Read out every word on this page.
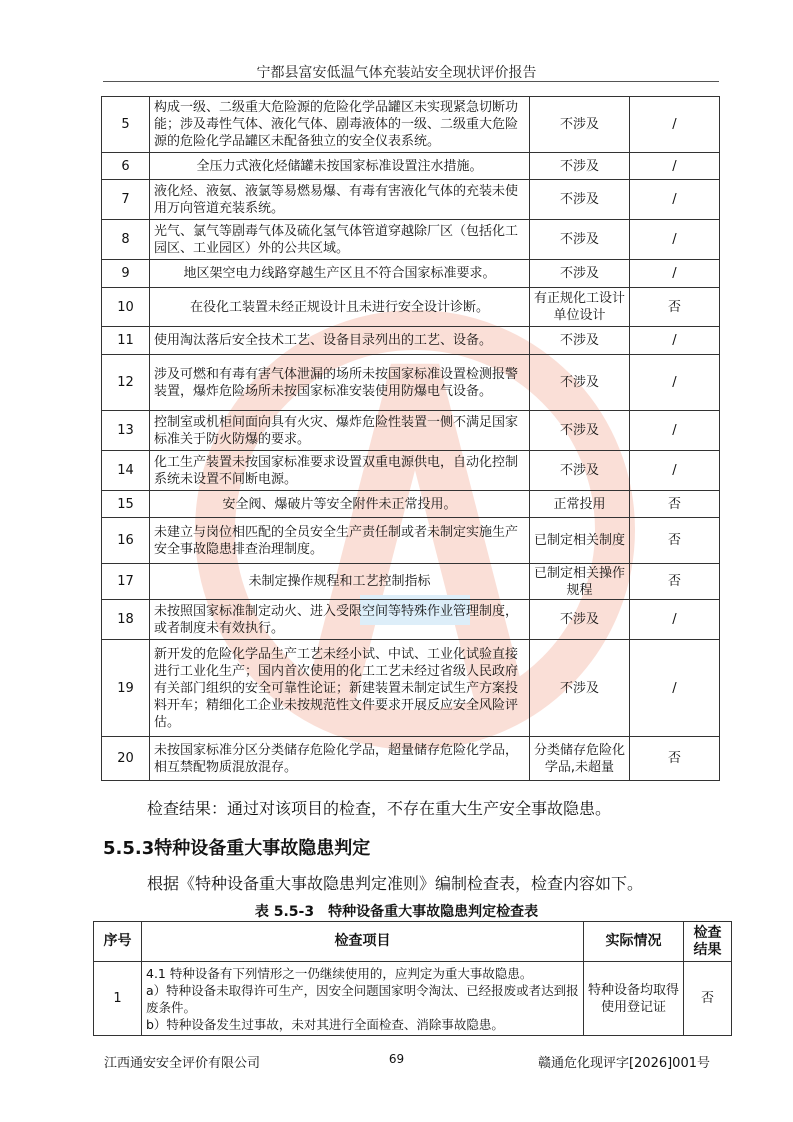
宁都县富安低温气体充装站安全现状评价报告
5	构成一级、二级重大危险源的危险化学品罐区未实现紧急切断功能；涉及毒性气体、液化气体、剧毒液体的一级、二级重大危险源的危险化学品罐区未配备独立的安全仪表系统。	不涉及	/
6	全压力式液化烃储罐未按国家标准设置注水措施。	不涉及	/
7	液化烃、液氨、液氯等易燃易爆、有毒有害液化气体的充装未使用万向管道充装系统。	不涉及	/
8	光气、氯气等剧毒气体及硫化氢气体管道穿越除厂区（包括化工园区、工业园区）外的公共区域。	不涉及	/
9	地区架空电力线路穿越生产区且不符合国家标准要求。	不涉及	/
10	在役化工装置未经正规设计且未进行安全设计诊断。	有正规化工设计单位设计	否
11	使用淘汰落后安全技术工艺、设备目录列出的工艺、设备。	不涉及	/
12	涉及可燃和有毒有害气体泄漏的场所未按国家标准设置检测报警装置，爆炸危险场所未按国家标准安装使用防爆电气设备。	不涉及	/
13	控制室或机柜间面向具有火灾、爆炸危险性装置一侧不满足国家标准关于防火防爆的要求。	不涉及	/
14	化工生产装置未按国家标准要求设置双重电源供电，自动化控制系统未设置不间断电源。	不涉及	/
15	安全阀、爆破片等安全附件未正常投用。	正常投用	否
16	未建立与岗位相匹配的全员安全生产责任制或者未制定实施生产安全事故隐患排查治理制度。	已制定相关制度	否
17	未制定操作规程和工艺控制指标	已制定相关操作规程	否
18	未按照国家标准制定动火、进入受限空间等特殊作业管理制度，或者制度未有效执行。	不涉及	/
19	新开发的危险化学品生产工艺未经小试、中试、工业化试验直接进行工业化生产；国内首次使用的化工工艺未经过省级人民政府有关部门组织的安全可靠性论证；新建装置未制定试生产方案投料开车；精细化工企业未按规范性文件要求开展反应安全风险评估。	不涉及	/
20	未按国家标准分区分类储存危险化学品，超量储存危险化学品，相互禁配物质混放混存。	分类储存危险化学品,未超量	否
检查结果：通过对该项目的检查，不存在重大生产安全事故隐患。
5.5.3特种设备重大事故隐患判定
根据《特种设备重大事故隐患判定准则》编制检查表，检查内容如下。
表 5.5-3　特种设备重大事故隐患判定检查表
序号	检查项目	实际情况	检查结果
1	4.1 特种设备有下列情形之一仍继续使用的，应判定为重大事故隐患。
a）特种设备未取得许可生产，因安全问题国家明令淘汰、已经报废或者达到报废条件。
b）特种设备发生过事故，未对其进行全面检查、消除事故隐患。	特种设备均取得使用登记证	否
江西通安安全评价有限公司	69	赣通危化现评字[2026]001号
